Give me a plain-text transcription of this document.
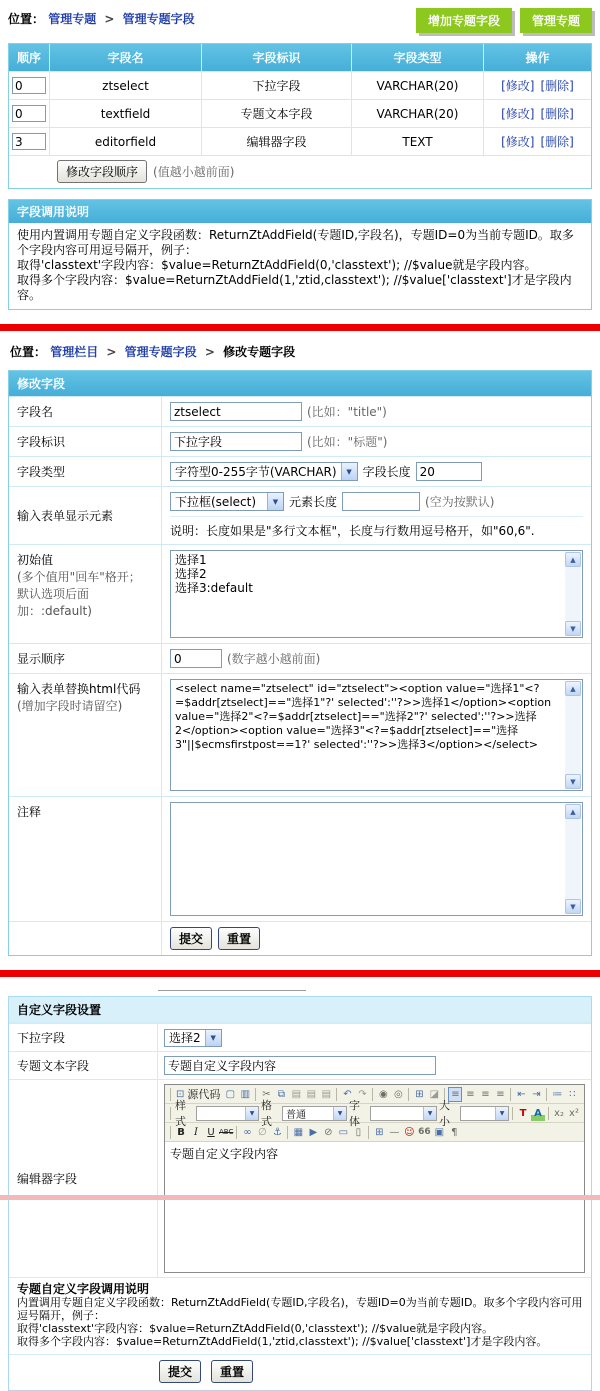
位置： 管理专题 > 管理专题字段	增加专题字段	管理专题
顺序	字段名	字段标识	字段类型	操作
0
ztselect	下拉字段	VARCHAR(20)	[修改] [删除]
0
textfield	专题文本字段	VARCHAR(20)	[修改] [删除]
3
editorfield	编辑器字段	TEXT	[修改] [删除]
修改字段顺序	(值越小越前面)
字段调用说明
使用内置调用专题自定义字段函数：ReturnZtAddField(专题ID,字段名)，专题ID=0为当前专题ID。取多个字段内容可用逗号隔开，例子：
取得'classtext'字段内容：$value=ReturnZtAddField(0,'classtext'); //$value就是字段内容。
取得多个字段内容：$value=ReturnZtAddField(1,'ztid,classtext'); //$value['classtext']才是字段内容。
位置： 管理栏目 > 管理专题字段 > 修改专题字段
修改字段
字段名
ztselect	(比如："title")
字段标识
下拉字段	(比如："标题")
字段类型	字符型0-255字节(VARCHAR)	▼ 字段长度
20
输入表单显示元素
下拉框(select)	▼ 元素长度	(空为按默认)
说明：长度如果是"多行文本框"，长度与行数用逗号格开，如"60,6".
初始值
(多个值用"回车"格开；
默认选项后面加：:default)
选择1 选择2 选择3:default
▲
▼
显示顺序
0	(数字越小越前面)
输入表单替换html代码
(增加字段时请留空)
<select name="ztselect" id="ztselect"><option value="选择1"<?=$addr[ztselect]=="选择1"?' selected':''?>>选择1</option><option value="选择2"<?=$addr[ztselect]=="选择2"?' selected':''?>>选择2</option><option value="选择3"<?=$addr[ztselect]=="选择3"||$ecmsfirstpost==1?' selected':''?>>选择3</option></select>
▲
▼
注释	▲
▼
提交	重置
自定义字段设置
下拉字段	选择2	▼
专题文本字段
专题自定义字段内容
编辑器字段
⊡ 源代码 ▢ ▥ ✂ ⧉ ▤ ▤ ▤ ↶ ↷ ◉ ◎ ⊞ ◪ ≡ ≡ ≡ ≡ ⇤ ⇥ ≔ ∷
样式
▼
格式	普通	▼
字体
▼
大小
▼	T A	x₂ x²
B I U ABC ∞ ∅ ⚓ ▦ ▶ ⊘ ▭ ▯	⊞ — ☺ 66 ▣ ¶
专题自定义字段内容
专题自定义字段调用说明
内置调用专题自定义字段函数：ReturnZtAddField(专题ID,字段名)，专题ID=0为当前专题ID。取多个字段内容可用逗号隔开，例子：
取得'classtext'字段内容：$value=ReturnZtAddField(0,'classtext'); //$value就是字段内容。
取得多个字段内容：$value=ReturnZtAddField(1,'ztid,classtext'); //$value['classtext']才是字段内容。
提交	重置
